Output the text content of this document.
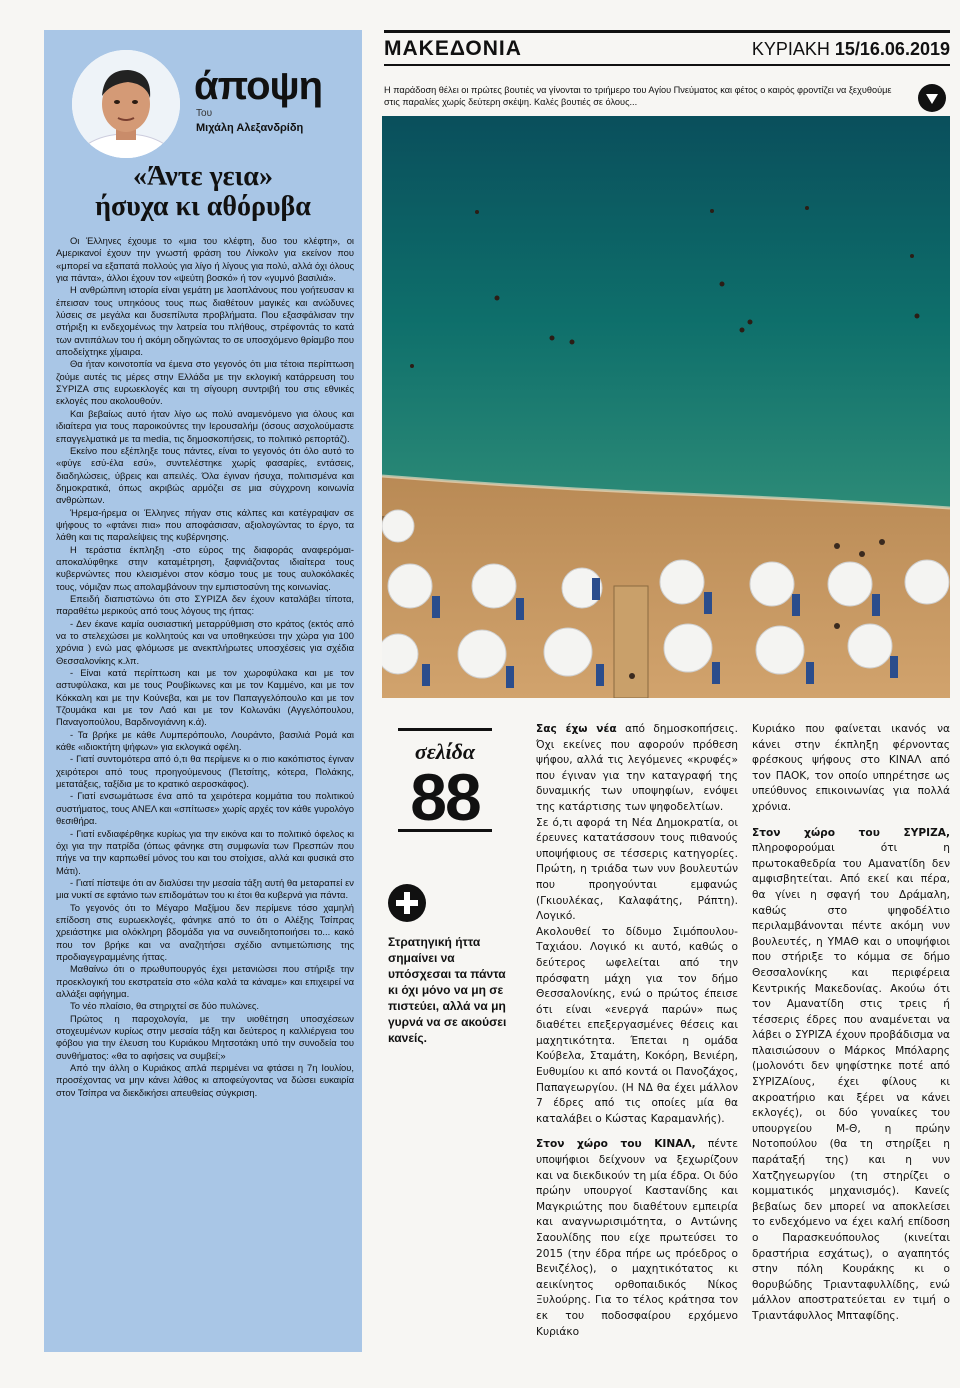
άποψη
Του
Μιχάλη Αλεξανδρίδη
«Άντε γεια»
ήσυχα κι αθόρυβα

Οι Έλληνες έχουμε το «μια του κλέφτη, δυο του κλέφτη», οι Αμερικανοί έχουν την γνωστή φράση του Λίνκολν για εκείνον που «μπορεί να εξαπατά πολλούς για λίγο ή λίγους για πολύ, αλλά όχι όλους για πάντα», άλλοι έχουν τον «ψεύτη βοσκό» ή τον «γυμνό βασιλιά».

Η ανθρώπινη ιστορία είναι γεμάτη με λαοπλάνους που γοήτευσαν κι έπεισαν τους υπηκόους τους πως διαθέτουν μαγικές και ανώδυνες λύσεις σε μεγάλα και δυσεπίλυτα προβλήματα. Που εξασφάλισαν την στήριξη κι ενδεχομένως την λατρεία του πλήθους, στρέφοντάς το κατά των αντιπάλων του ή ακόμη οδηγώντας το σε υποσχόμενο θρίαμβο που αποδείχτηκε χίμαιρα.

Θα ήταν κοινοτοπία να έμενα στο γεγονός ότι μια τέτοια περίπτωση ζούμε αυτές τις μέρες στην Ελλάδα με την εκλογική κατάρρευση του ΣΥΡΙΖΑ στις ευρωεκλογές και τη σίγουρη συντριβή του στις εθνικές εκλογές που ακολουθούν.

Και βεβαίως αυτό ήταν λίγο ως πολύ αναμενόμενο για όλους και ιδιαίτερα για τους παροικούντες την Ιερουσαλήμ (όσους ασχολούμαστε επαγγελματικά με τα media, τις δημοσκοπήσεις, το πολιτικό ρεπορτάζ).

Εκείνο που εξέπληξε τους πάντες, είναι το γεγονός ότι όλο αυτό το «φύγε εσύ-έλα εσύ», συντελέστηκε χωρίς φασαρίες, εντάσεις, διαδηλώσεις, ύβρεις και απειλές. Όλα έγιναν ήσυχα, πολιτισμένα και δημοκρατικά, όπως ακριβώς αρμόζει σε μια σύγχρονη κοινωνία ανθρώπων.

Ήρεμα-ήρεμα οι Έλληνες πήγαν στις κάλπες και κατέγραψαν σε ψήφους το «φτάνει πια» που αποφάσισαν, αξιολογώντας το έργο, τα λάθη και τις παραλείψεις της κυβέρνησης.

Η τεράστια έκπληξη -στο εύρος της διαφοράς αναφερόμαι- αποκαλύφθηκε στην καταμέτρηση, ξαφνιάζοντας ιδιαίτερα τους κυβερνώντες που κλεισμένοι στον κόσμο τους με τους αυλοκόλακές τους, νόμιζαν πως απολαμβάνουν την εμπιστοσύνη της κοινωνίας.

Επειδή διαπιστώνω ότι στο ΣΥΡΙΖΑ δεν έχουν καταλάβει τίποτα, παραθέτω μερικούς από τους λόγους της ήττας:

- Δεν έκανε καμία ουσιαστική μεταρρύθμιση στο κράτος (εκτός από να το στελεχώσει με κολλητούς και να υποθηκεύσει την χώρα για 100 χρόνια ) ενώ μας φλόμωσε με ανεκπλήρωτες υποσχέσεις για σχέδια Θεσσαλονίκης κ.λπ.

- Είναι κατά περίπτωση και με τον χωροφύλακα και με τον αστυφύλακα, και με τους Ρουβίκωνες και με τον Καμμένο, και με τον Κόκκαλη και με την Κούνεβα, και με τον Παπαγγελόπουλο και με τον Τζουμάκα και με τον Λαό και με τον Κολωνάκι (Αγγελόπουλου, Παναγοπούλου, Βαρδινογιάννη κ.ά).

- Τα βρήκε με κάθε Λυμπερόπουλο, Λουράντο, βασιλιά Ρομά και κάθε «ιδιοκτήτη ψήφων» για εκλογικά οφέλη.

- Γιατί συντομότερα από ό,τι θα περίμενε κι ο πιο κακόπιστος έγιναν χειρότεροι από τους προηγούμενους (Πετσίτης, κότερα, Πολάκης, μετατάξεις, ταξίδια με το κρατικό αεροσκάφος).

- Γιατί ενσωμάτωσε ένα από τα χειρότερα κομμάτια του πολιτικού συστήματος, τους ΑΝΕΛ και «σπίτωσε» χωρίς αρχές τον κάθε γυρολόγο θεσιθήρα.

- Γιατί ενδιαφέρθηκε κυρίως για την εικόνα και το πολιτικό όφελος κι όχι για την πατρίδα (όπως φάνηκε στη συμφωνία των Πρεσπών που πήγε να την καρπωθεί μόνος του και του στοίχισε, αλλά και φυσικά στο Μάτι).

- Γιατί πίστεψε ότι αν διαλύσει την μεσαία τάξη αυτή θα μεταραπεί εν μια νυκτί σε εφτάνιο των επιδομάτων του κι έτοι θα κυβερνά για πάντα.

Το γεγονός ότι το Μέγαρο Μαξίμου δεν περίμενε τόσο χαμηλή επίδοση στις ευρωεκλογές, φάνηκε από το ότι ο Αλέξης Τσίπρας χρειάστηκε μια ολόκληρη βδομάδα για να συνειδητοποιήσει το... κακό που τον βρήκε και να αναζητήσει σχέδιο αντιμετώπισης της προδιαγεγραμμένης ήττας.

Μαθαίνω ότι ο πρωθυπουργός έχει μετανιώσει που στήριξε την προεκλογική του εκστρατεία στο «όλα καλά τα κάναμε» και επιχειρεί να αλλάξει αφήγημα.

Το νέο πλαίσιο, θα στηριχτεί σε δύο πυλώνες.

Πρώτος η παροχολογία, με την υιοθέτηση υποσχέσεων στοχευμένων κυρίως στην μεσαία τάξη και δεύτερος η καλλιέργεια του φόβου για την έλευση του Κυριάκου Μητσοτάκη υπό την συνοδεία του συνθήματος: «θα το αφήσεις να συμβεί;»

Από την άλλη ο Κυριάκος απλά περιμένει να φτάσει η 7η Ιουλίου, προσέχοντας να μην κάνει λάθος κι αποφεύγοντας να δώσει ευκαιρία στον Τσίπρα να διεκδικήσει απευθείας σύγκριση.

ΜΑΚΕΔΟΝΙΑ	ΚΥΡΙΑΚΗ 15/16.06.2019
Η παράδοση θέλει οι πρώτες βουτιές να γίνονται το τριήμερο του Αγίου Πνεύματος και φέτος ο καιρός φροντίζει να ξεχυθούμε στις παραλίες χωρίς δεύτερη σκέψη. Καλές βουτιές σε όλους...
σελίδα
88
Στρατηγική ήττα σημαίνει να υπόσχεσαι τα πάντα κι όχι μόνο να μη σε πιστεύει, αλλά να μη γυρνά να σε ακούσει κανείς.

Σας έχω νέα από δημοσκοπήσεις. Όχι εκείνες που αφορούν πρόθεση ψήφου, αλλά τις λεγόμενες «κρυφές» που έγιναν για την καταγραφή της δυναμικής των υποψηφίων, ενόψει της κατάρτισης των ψηφοδελτίων.

Σε ό,τι αφορά τη Νέα Δημοκρατία, οι έρευνες κατατάσσουν τους πιθανούς υποψήφιους σε τέσσερις κατηγορίες. Πρώτη, η τριάδα των νυν βουλευτών που προηγούνται εμφανώς (Γκιουλέκας, Καλαφάτης, Ράπτη). Λογικό.

Ακολουθεί το δίδυμο Σιμόπουλου-Ταχιάου. Λογικό κι αυτό, καθώς ο δεύτερος ωφελείται από την πρόσφατη μάχη για τον δήμο Θεσσαλονίκης, ενώ ο πρώτος έπεισε ότι είναι «ενεργά παρών» πως διαθέτει επεξεργασμένες θέσεις και μαχητικότητα. Έπεται η ομάδα Κούβελα, Σταμάτη, Κοκόρη, Βενιέρη, Ευθυμίου κι από κοντά οι Πανοζάχος, Παπαγεωργίου. (Η ΝΔ θα έχει μάλλον 7 έδρες από τις οποίες μία θα καταλάβει ο Κώστας Καραμανλής).

Στον χώρο του ΚΙΝΑΛ, πέντε υποψήφιοι δείχνουν να ξεχωρίζουν και να διεκδικούν τη μία έδρα. Οι δύο πρώην υπουργοί Καστανίδης και Μαγκριώτης που διαθέτουν εμπειρία και αναγνωρισιμότητα, ο Αντώνης Σαουλίδης που είχε πρωτεύσει το 2015 (την έδρα πήρε ως πρόεδρος ο Βενιζέλος), ο μαχητικότατος κι αεικίνητος ορθοπαιδικός Νίκος Ξυλούρης. Για το τέλος κράτησα τον εκ του ποδοσφαίρου ερχόμενο Κυριάκο

Κυριάκο που φαίνεται ικανός να κάνει στην έκπληξη φέρνοντας φρέσκους ψήφους στο ΚΙΝΑΛ από τον ΠΑΟΚ, τον οποίο υπηρέτησε ως υπεύθυνος επικοινωνίας για πολλά χρόνια.

Στον χώρο του ΣΥΡΙΖΑ, πληροφορούμαι ότι η πρωτοκαθεδρία του Αμανατίδη δεν αμφισβητείται. Από εκεί και πέρα, θα γίνει η σφαγή του Δράμαλη, καθώς στο ψηφοδέλτιο περιλαμβάνονται πέντε ακόμη νυν βουλευτές, η ΥΜΑΘ και ο υποψήφιοι που στήριξε το κόμμα σε δήμο Θεσσαλονίκης και περιφέρεια Κεντρικής Μακεδονίας. Ακούω ότι τον Αμανατίδη στις τρεις ή τέσσερις έδρες που αναμένεται να λάβει ο ΣΥΡΙΖΑ έχουν προβάδισμα να πλαισιώσουν ο Μάρκος Μπόλαρης (μολονότι δεν ψηφίστηκε ποτέ από ΣΥΡΙΖΑίους, έχει φίλους κι ακροατήριο και ξέρει να κάνει εκλογές), οι δύο γυναίκες του υπουργείου Μ-Θ, η πρώην Νοτοπούλου (θα τη στηρίξει η παράταξή της) και η νυν Χατζηγεωργίου (τη στηρίζει ο κομματικός μηχανισμός). Κανείς βεβαίως δεν μπορεί να αποκλείσει το ενδεχόμενο να έχει καλή επίδοση ο Παρασκευόπουλος (κινείται δραστήρια εσχάτως), ο αγαπητός στην πόλη Κουράκης κι ο θορυβώδης Τριανταφυλλίδης, ενώ μάλλον αποστρατεύεται εν τιμή ο Τριαντάφυλλος Μπταφίδης.
